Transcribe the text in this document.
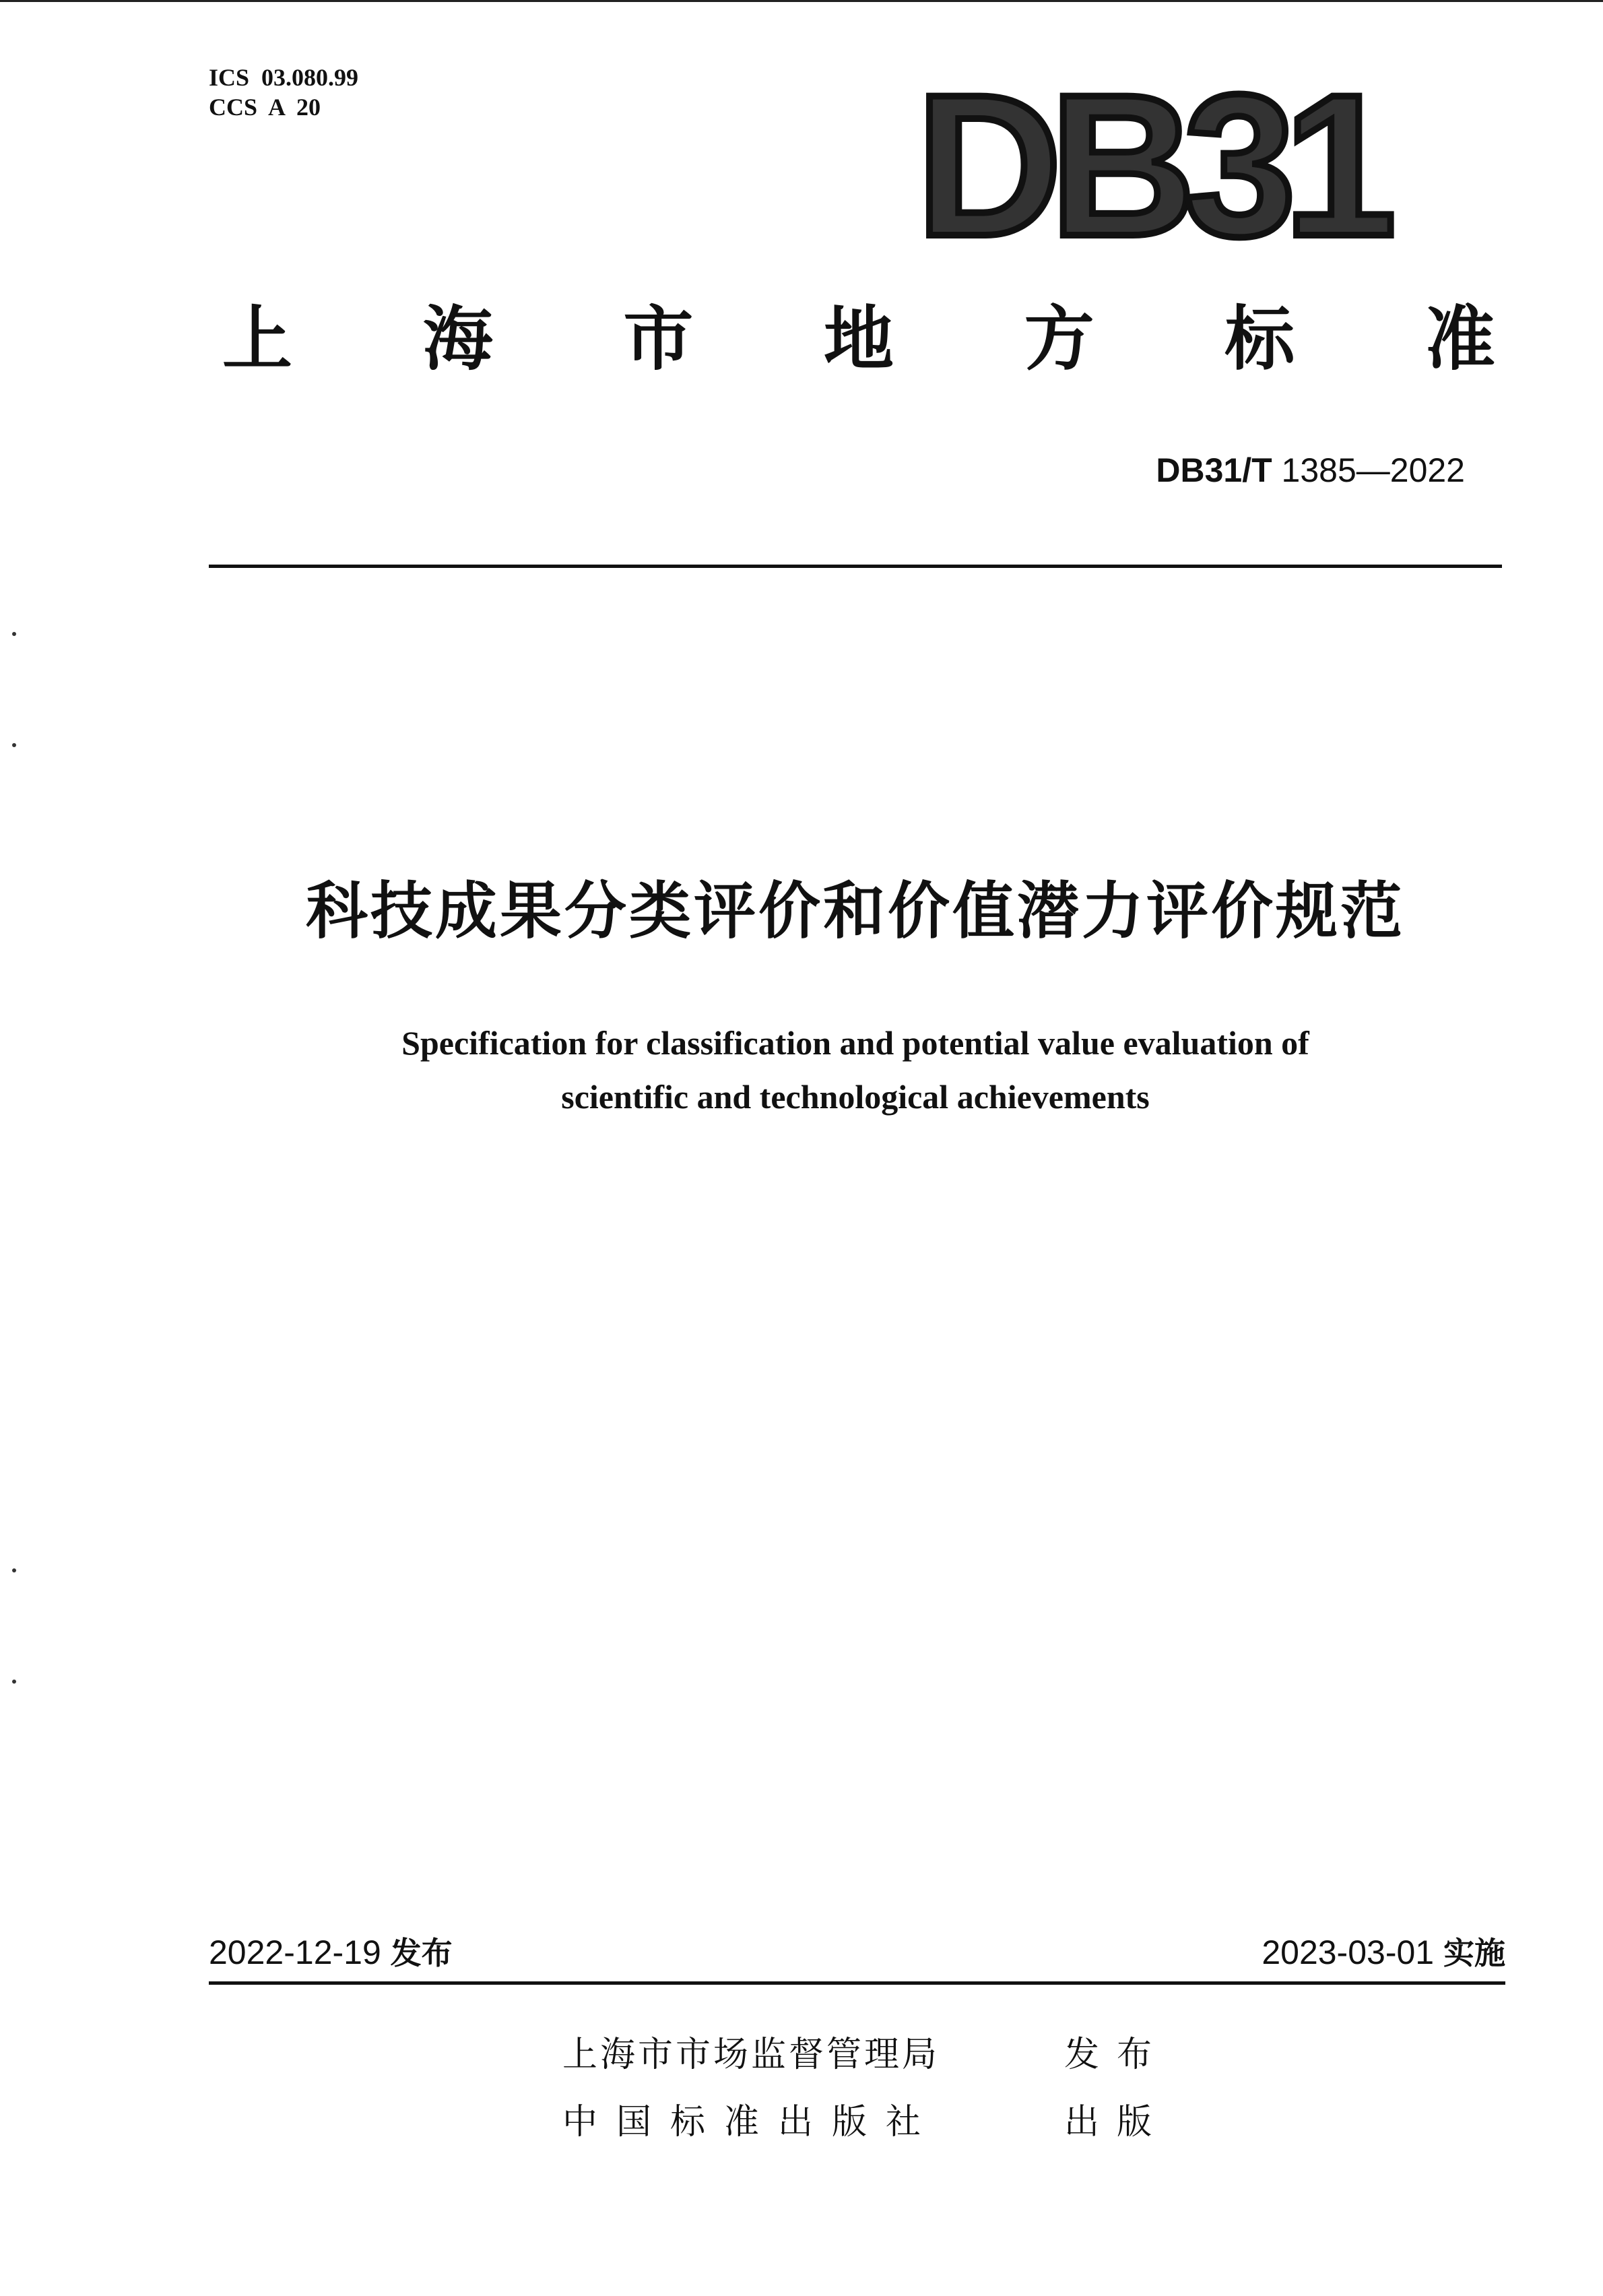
ICS  03.080.99
CCS  A  20	DB31
上 海 市 地 方 标 准
DB31/T 1385—2022
科技成果分类评价和价值潜力评价规范
Specification for classification and potential value evaluation of
scientific and technological achievements
2022-12-19 发布	2023-03-01 实施
上海市市场监督管理局	发布
中国标准出版社	出版
